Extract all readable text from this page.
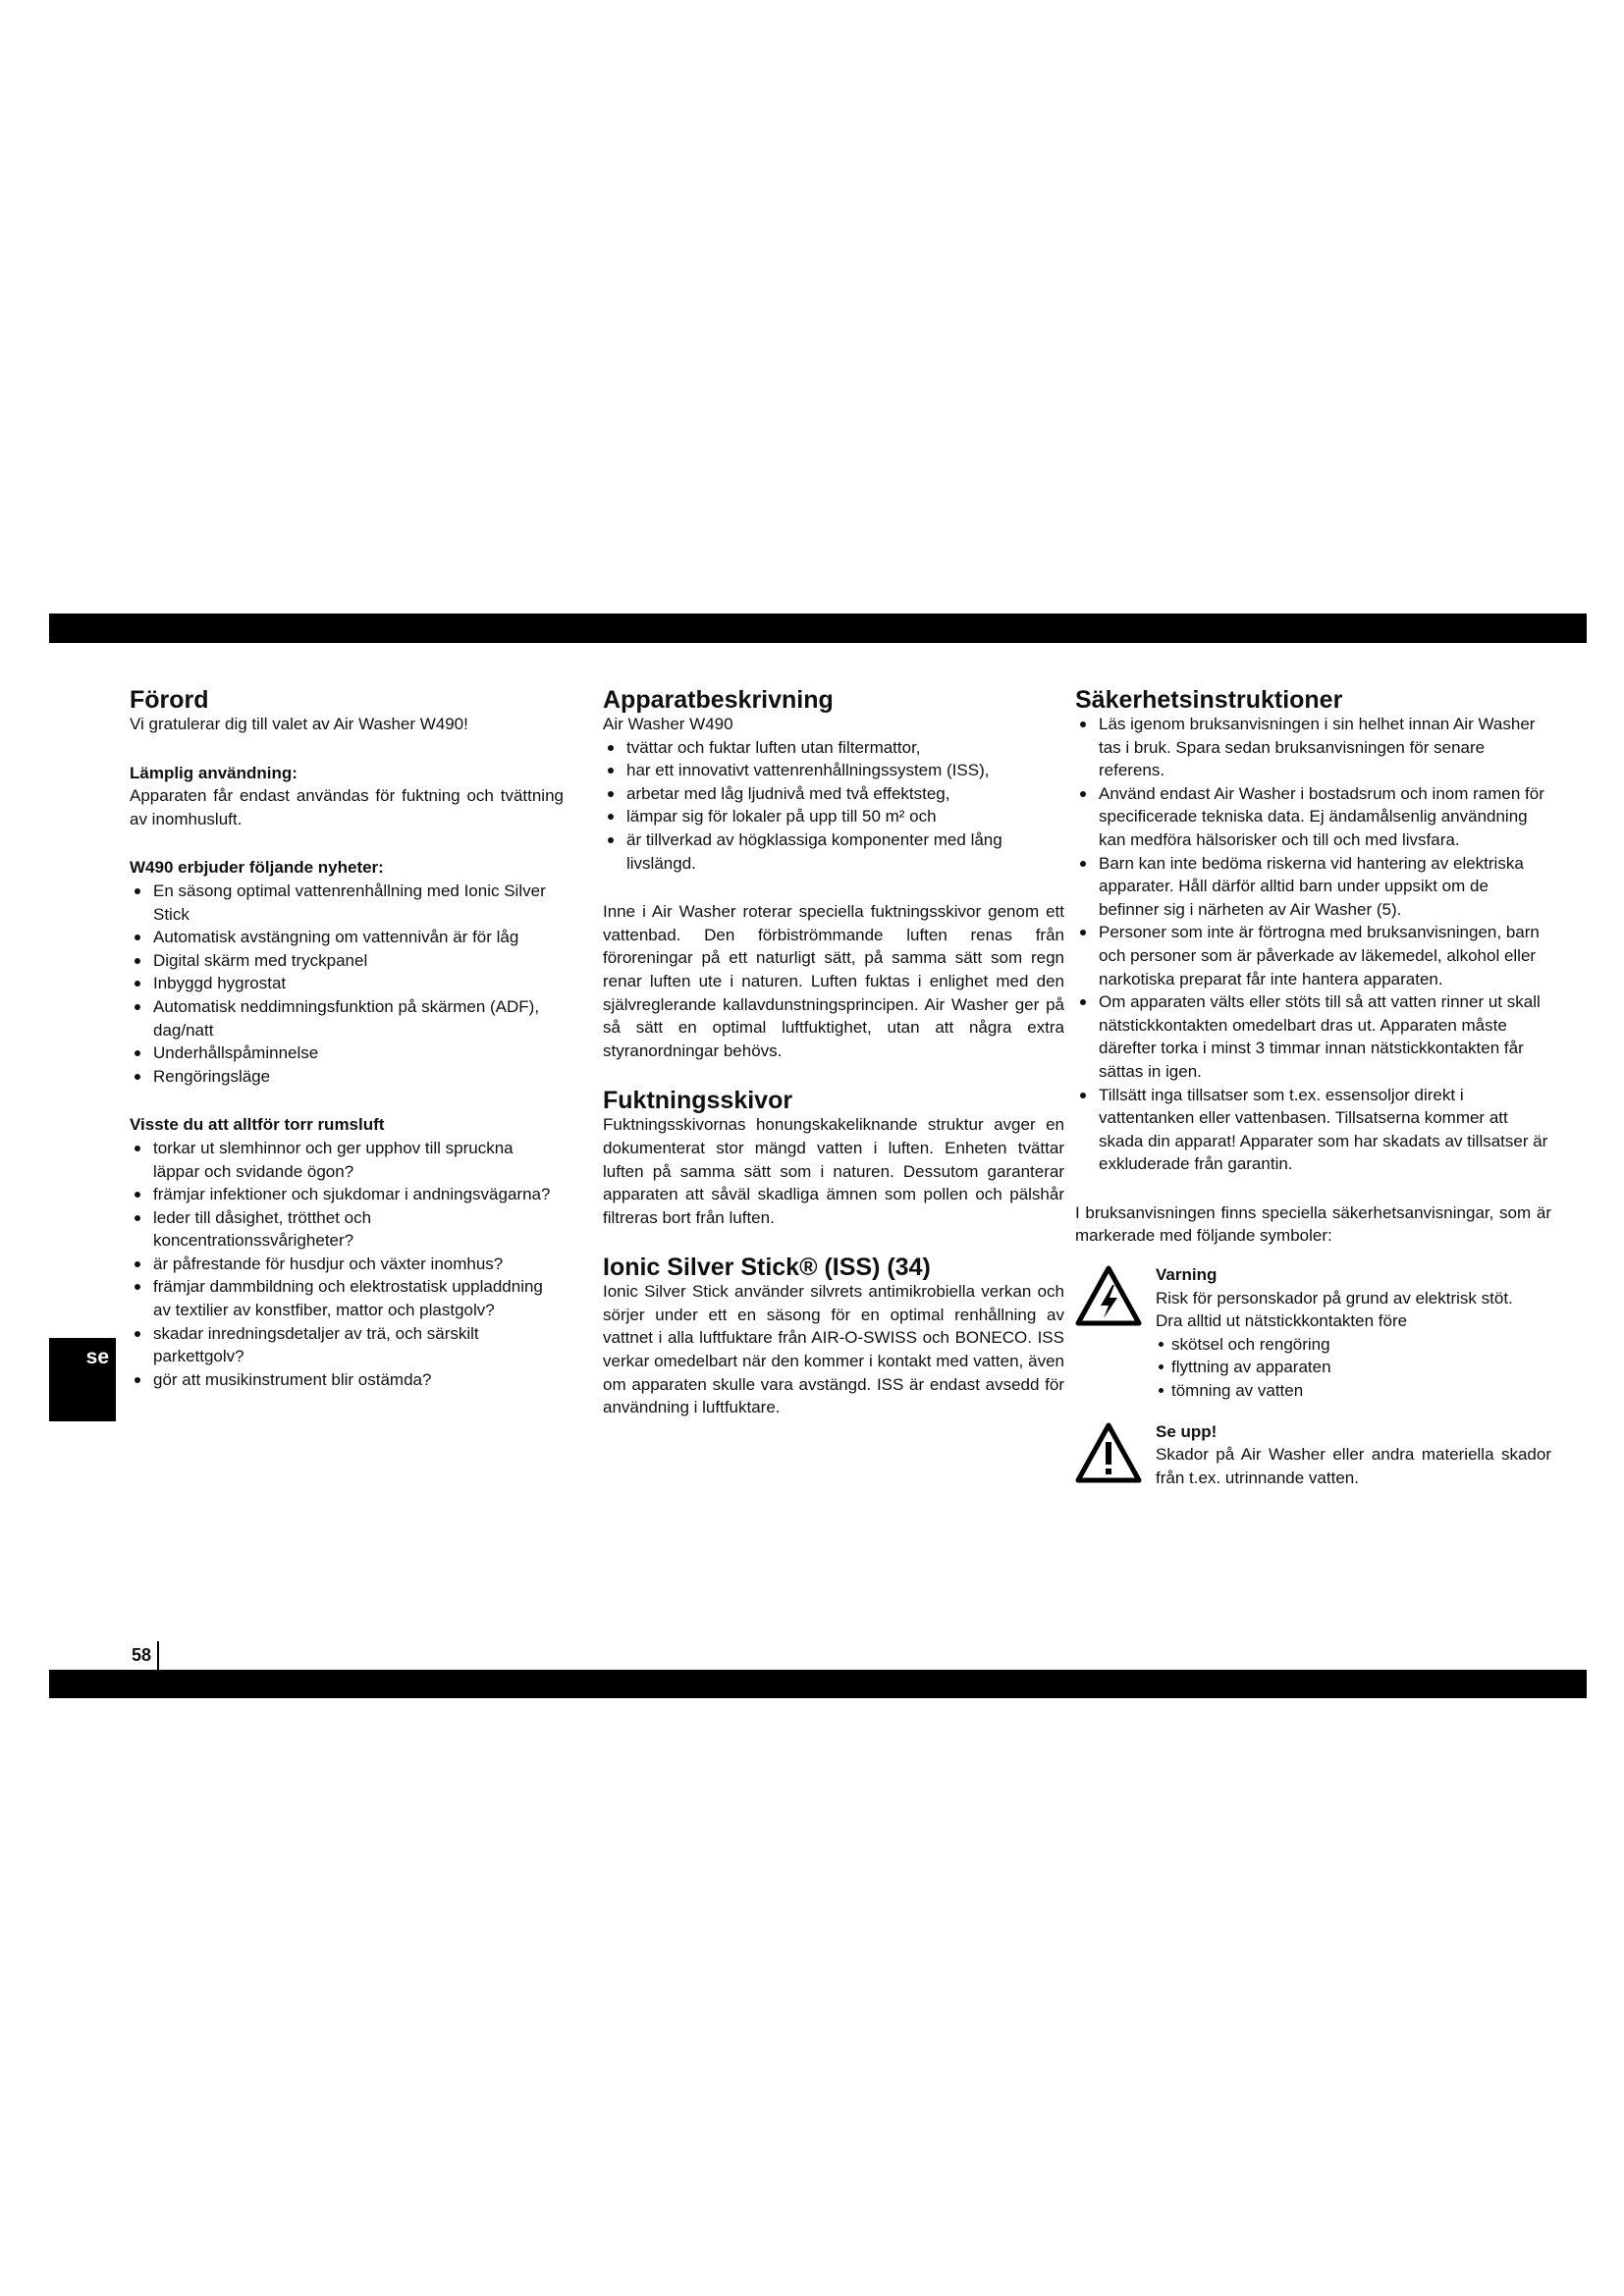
se
Förord

Vi gratulerar dig till valet av Air Washer W490!

Lämplig användning:

Apparaten får endast användas för fuktning och tvättning av inomhusluft.

W490 erbjuder följande nyheter:
En säsong optimal vattenrenhållning med Ionic Silver Stick
Automatisk avstängning om vattennivån är för låg
Digital skärm med tryckpanel
Inbyggd hygrostat
Automatisk neddimningsfunktion på skärmen (ADF), dag/natt
Underhållspåminnelse
Rengöringsläge
Visste du att alltför torr rumsluft
torkar ut slemhinnor och ger upphov till spruckna läppar och svidande ögon?
främjar infektioner och sjukdomar i andningsvägarna?
leder till dåsighet, trötthet och koncentrationssvårigheter?
är påfrestande för husdjur och växter inomhus?
främjar dammbildning och elektrostatisk uppladdning av textilier av konstfiber, mattor och plastgolv?
skadar inredningsdetaljer av trä, och särskilt parkettgolv?
gör att musikinstrument blir ostämda?
Apparatbeskrivning

Air Washer W490

tvättar och fuktar luften utan filtermattor,
har ett innovativt vattenrenhållningssystem (ISS),
arbetar med låg ljudnivå med två effektsteg,
lämpar sig för lokaler på upp till 50 m² och
är tillverkad av högklassiga komponenter med lång livslängd.

Inne i Air Washer roterar speciella fuktningsskivor genom ett vattenbad. Den förbiströmmande luften renas från föroreningar på ett naturligt sätt, på samma sätt som regn renar luften ute i naturen. Luften fuktas i enlighet med den självreglerande kallavdunstningsprincipen. Air Washer ger på så sätt en optimal luftfuktighet, utan att några extra styranordningar behövs.

Fuktningsskivor

Fuktningsskivornas honungskakeliknande struktur avger en dokumenterat stor mängd vatten i luften. Enheten tvättar luften på samma sätt som i naturen. Dessutom garanterar apparaten att såväl skadliga ämnen som pollen och pälshår filtreras bort från luften.

Ionic Silver Stick® (ISS) (34)

Ionic Silver Stick använder silvrets antimikrobiella verkan och sörjer under ett en säsong för en optimal renhållning av vattnet i alla luftfuktare från AIR-O-SWISS och BONECO. ISS verkar omedelbart när den kommer i kontakt med vatten, även om apparaten skulle vara avstängd. ISS är endast avsedd för användning i luftfuktare.

Säkerhetsinstruktioner
Läs igenom bruksanvisningen i sin helhet innan Air Washer tas i bruk. Spara sedan bruksanvisningen för senare referens.
Använd endast Air Washer i bostadsrum och inom ramen för specificerade tekniska data. Ej ändamålsenlig användning kan medföra hälsorisker och till och med livsfara.
Barn kan inte bedöma riskerna vid hantering av elektriska apparater. Håll därför alltid barn under uppsikt om de befinner sig i närheten av Air Washer (5).
Personer som inte är förtrogna med bruksanvisningen, barn och personer som är påverkade av läkemedel, alkohol eller narkotiska preparat får inte hantera apparaten.
Om apparaten välts eller stöts till så att vatten rinner ut skall nätstickkontakten omedelbart dras ut. Apparaten måste därefter torka i minst 3 timmar innan nätstickkontakten får sättas in igen.
Tillsätt inga tillsatser som t.ex. essensoljor direkt i vattentanken eller vattenbasen. Tillsatserna kommer att skada din apparat! Apparater som har skadats av tillsatser är exkluderade från garantin.

I bruksanvisningen finns speciella säkerhetsanvisningar, som är markerade med följande symboler:

Varning
Risk för personskador på grund av elektrisk stöt.
Dra alltid ut nätstickkontakten före
skötsel och rengöring
flyttning av apparaten
tömning av vatten
Se upp!
Skador på Air Washer eller andra materiella skador från t.ex. utrinnande vatten.
58
